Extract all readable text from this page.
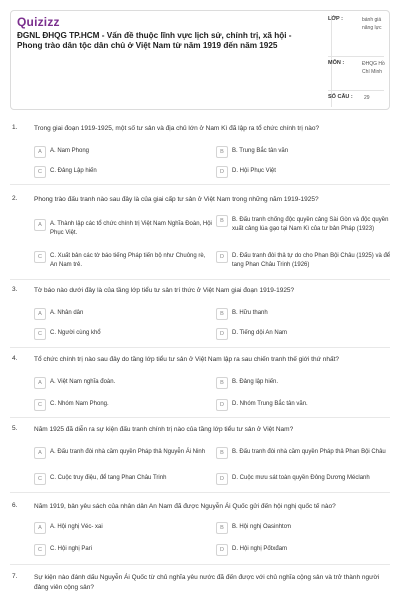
Quizizz
ĐGNL ĐHQG TP.HCM - Vấn đề thuộc lĩnh vực lịch sử, chính trị, xã hội - Phong trào dân tộc dân chủ ở Việt Nam từ năm 1919 đến năm 1925
LỚP :	bánh giá năng lực
MÔN :	ĐHQG Hồ Chí Minh
SỐ CÂU : 29
1.	Trong giai đoạn 1919-1925, một số tư sản và địa chủ lớn ở Nam Kì đã lập ra tổ chức chính trị nào?
A	A. Nam Phong	B	B. Trung Bắc tân văn
C	C. Đảng Lập hiến	D	D. Hội Phục Việt
2.	Phong trào đấu tranh nào sau đây là của giai cấp tư sản ở Việt Nam trong những năm 1919-1925?
A	A. Thành lập các tổ chức chính trị Việt Nam Nghĩa Đoàn, Hội Phục Việt.
B	B. Đấu tranh chống độc quyền cảng Sài Gòn và độc quyền xuất cảng lúa gạo tại Nam Kì của tư bản Pháp (1923)
C	C. Xuất bản các tờ báo tiếng Pháp tiến bộ như Chuông rè, An Nam trẻ.
D	D. Đấu tranh đòi thả tự do cho Phan Bội Châu (1925) và để tang Phan Châu Trinh (1926)
3.	Tờ báo nào dưới đây là của tầng lớp tiểu tư sản trí thức ở Việt Nam giai đoạn 1919-1925?
A	A. Nhân dân	B	B. Hữu thanh
C	C. Người cùng khổ	D	D. Tiếng dội An Nam
4.	Tổ chức chính trị nào sau đây do tầng lớp tiểu tư sản ở Việt Nam lập ra sau chiến tranh thế giới thứ nhất?
A	A. Việt Nam nghĩa đoàn.	B	B. Đảng lập hiến.
C	C. Nhóm Nam Phong.	D	D. Nhóm Trung Bắc tân văn.
5.	Năm 1925 đã diễn ra sự kiện đấu tranh chính trị nào của tầng lớp tiểu tư sản ở Việt Nam?
A	A. Đấu tranh đòi nhà cầm quyền Pháp thả Nguyễn Ái Ninh	B	B. Đấu tranh đòi nhà cầm quyền Pháp thả Phan Bội Châu
C	C. Cuộc truy điệu, để tang Phan Châu Trinh	D	D. Cuộc mưu sát toàn quyền Đông Dương Méclanh
6.	Năm 1919, bản yêu sách của nhân dân An Nam đã được Nguyễn Ái Quốc gửi đến hội nghị quốc tế nào?
A	A. Hội nghị Véc- xai	B	B. Hội nghị Oasinhtơn
C	C. Hội nghị Pari	D	D. Hội nghị Pốtxđam
7.	Sự kiện nào đánh dấu Nguyễn Ái Quốc từ chủ nghĩa yêu nước đã đến được với chủ nghĩa cộng sản và trở thành người đảng viên cộng sản?
